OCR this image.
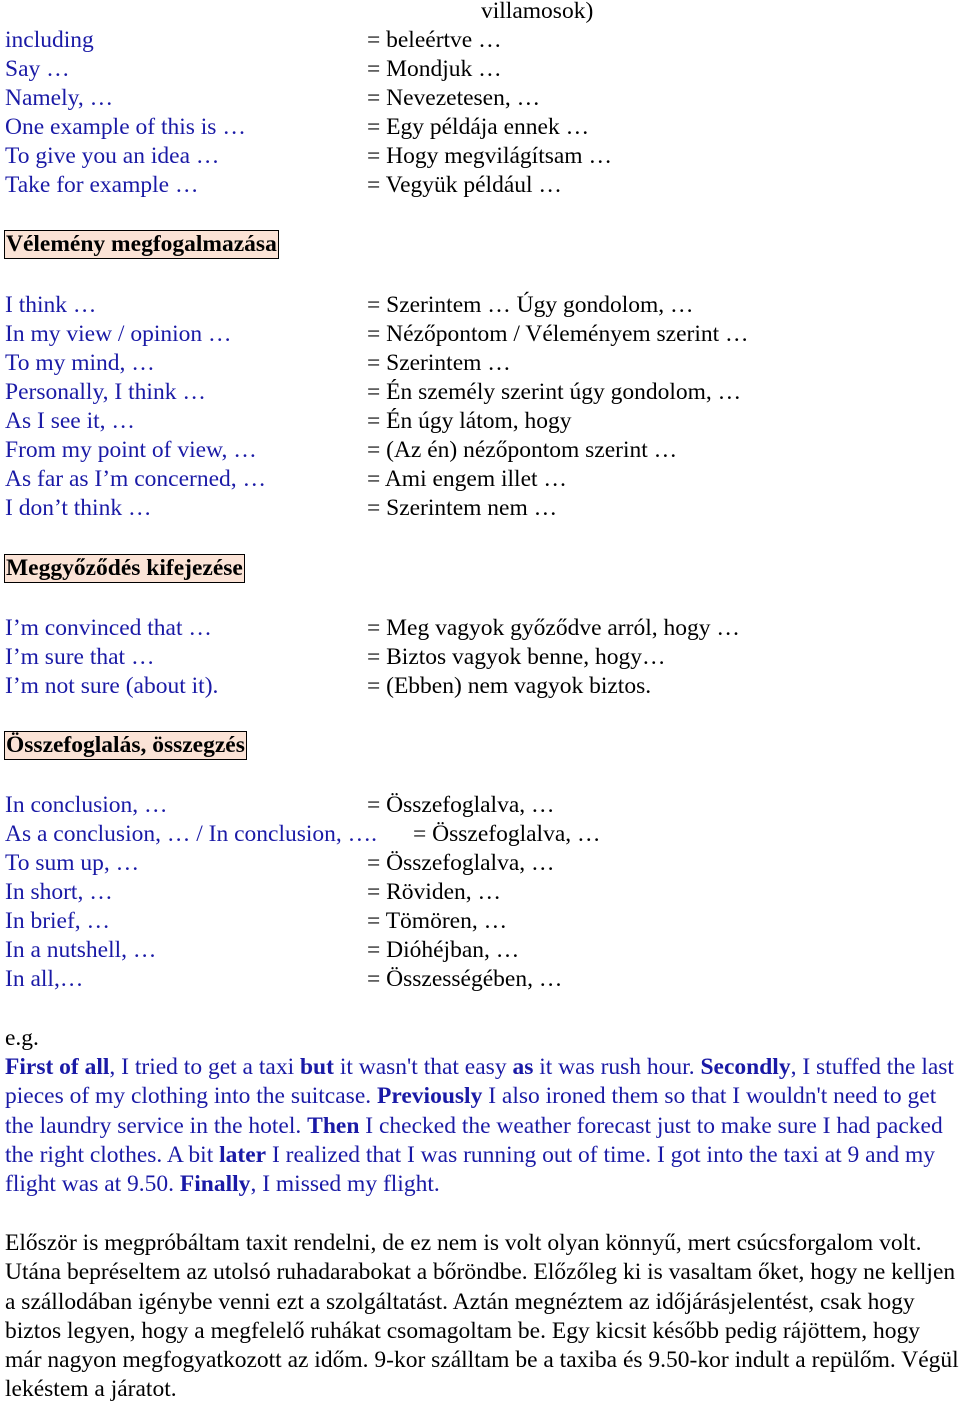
villamosok)
including	= beleértve …
Say …	= Mondjuk …
Namely, …	= Nevezetesen, …
One example of this is …	= Egy példája ennek …
To give you an idea …	= Hogy megvilágítsam …
Take for example …	= Vegyük például …
Vélemény megfogalmazása
I think …	= Szerintem … Úgy gondolom, …
In my view / opinion …	= Nézőpontom / Véleményem szerint …
To my mind, …	= Szerintem …
Personally, I think …	= Én személy szerint úgy gondolom, …
As I see it, …	= Én úgy látom, hogy
From my point of view, …	= (Az én) nézőpontom szerint …
As far as I’m concerned, …	= Ami engem illet …
I don’t think …	= Szerintem nem …
Meggyőződés kifejezése
I’m convinced that …	= Meg vagyok győződve arról, hogy …
I’m sure that …	= Biztos vagyok benne, hogy…
I’m not sure (about it).	= (Ebben) nem vagyok biztos.
Összefoglalás, összegzés
In conclusion, …	= Összefoglalva, …
As a conclusion, … / In conclusion, …. = Összefoglalva, …
To sum up, …	= Összefoglalva, …
In short, …	= Röviden, …
In brief, …	= Tömören, …
In a nutshell, …	= Dióhéjban, …
In all,…	= Összességében, …
e.g.
First of all, I tried to get a taxi but it wasn't that easy as it was rush hour. Secondly, I stuffed the last pieces of my clothing into the suitcase. Previously I also ironed them so that I wouldn't need to get the laundry service in the hotel. Then I checked the weather forecast just to make sure I had packed the right clothes. A bit later I realized that I was running out of time. I got into the taxi at 9 and my flight was at 9.50. Finally, I missed my flight.
Először is megpróbáltam taxit rendelni, de ez nem is volt olyan könnyű, mert csúcsforgalom volt. Utána bepréseltem az utolsó ruhadarabokat a bőröndbe. Előzőleg ki is vasaltam őket, hogy ne kelljen a szállodában igénybe venni ezt a szolgáltatást. Aztán megnéztem az időjárásjelentést, csak hogy biztos legyen, hogy a megfelelő ruhákat csomagoltam be. Egy kicsit később pedig rájöttem, hogy már nagyon megfogyatkozott az időm. 9-kor szálltam be a taxiba és 9.50-kor indult a repülőm. Végül lekéstem a járatot.
